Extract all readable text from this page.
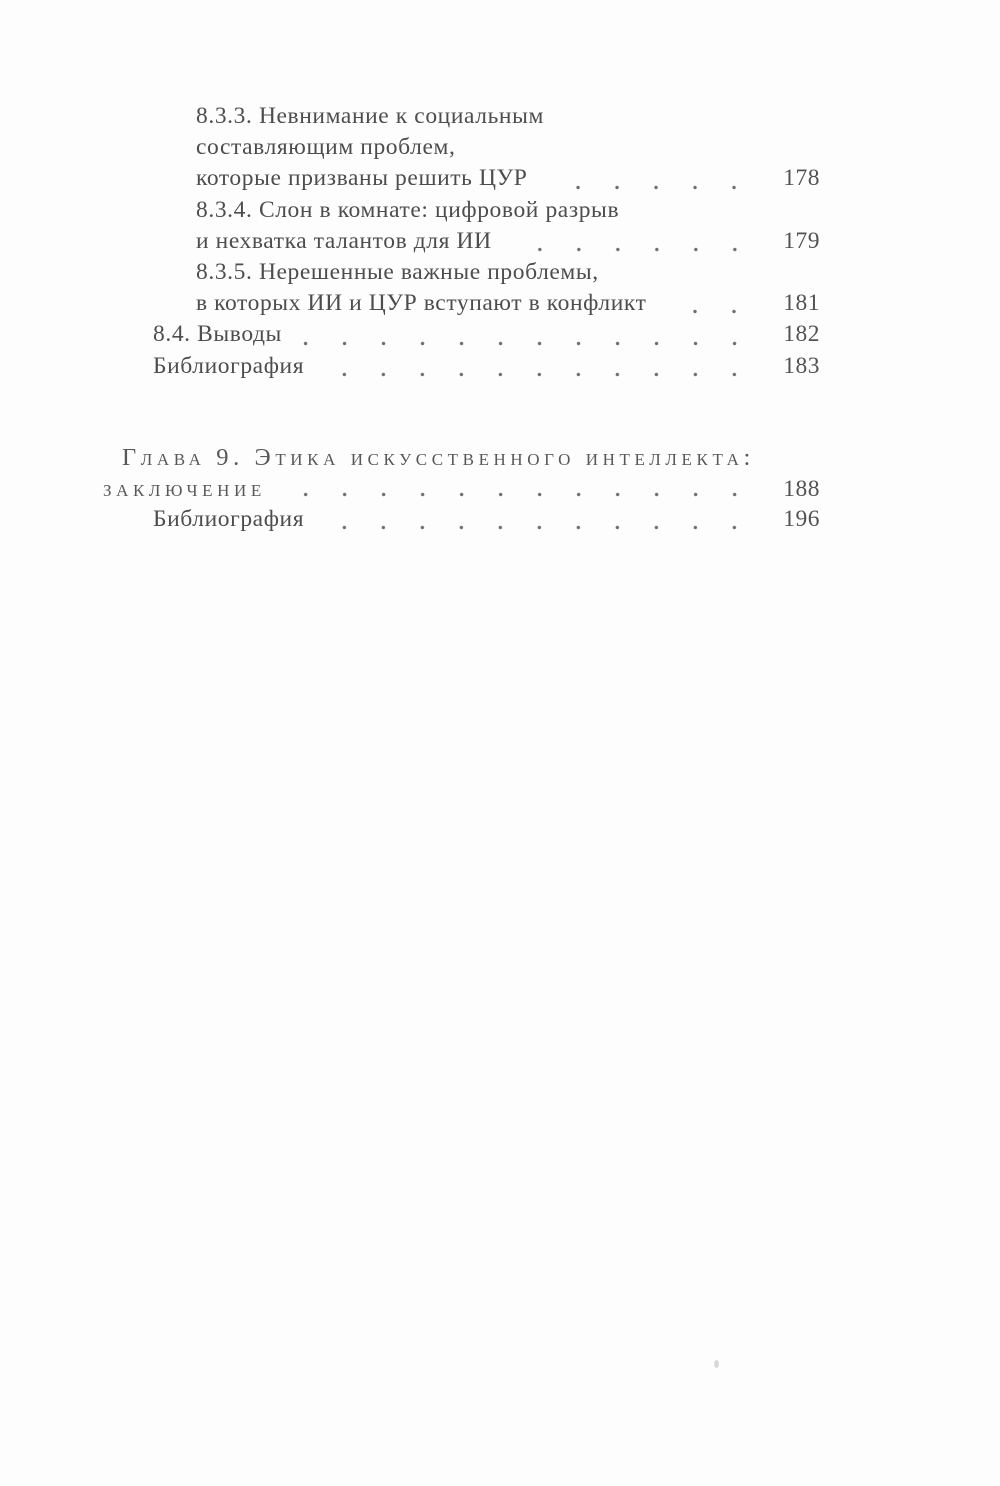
8.3.3. Невнимание к социальным
составляющим проблем,
которые призваны решить ЦУР	178
8.3.4. Слон в комнате: цифровой разрыв
и нехватка талантов для ИИ	179
8.3.5. Нерешенные важные проблемы,
в которых ИИ и ЦУР вступают в конфликт	181
8.4. Выводы	182
Библиография	183
Глава 9. Этика искусственного интеллекта:
заключение	188
Библиография	196
